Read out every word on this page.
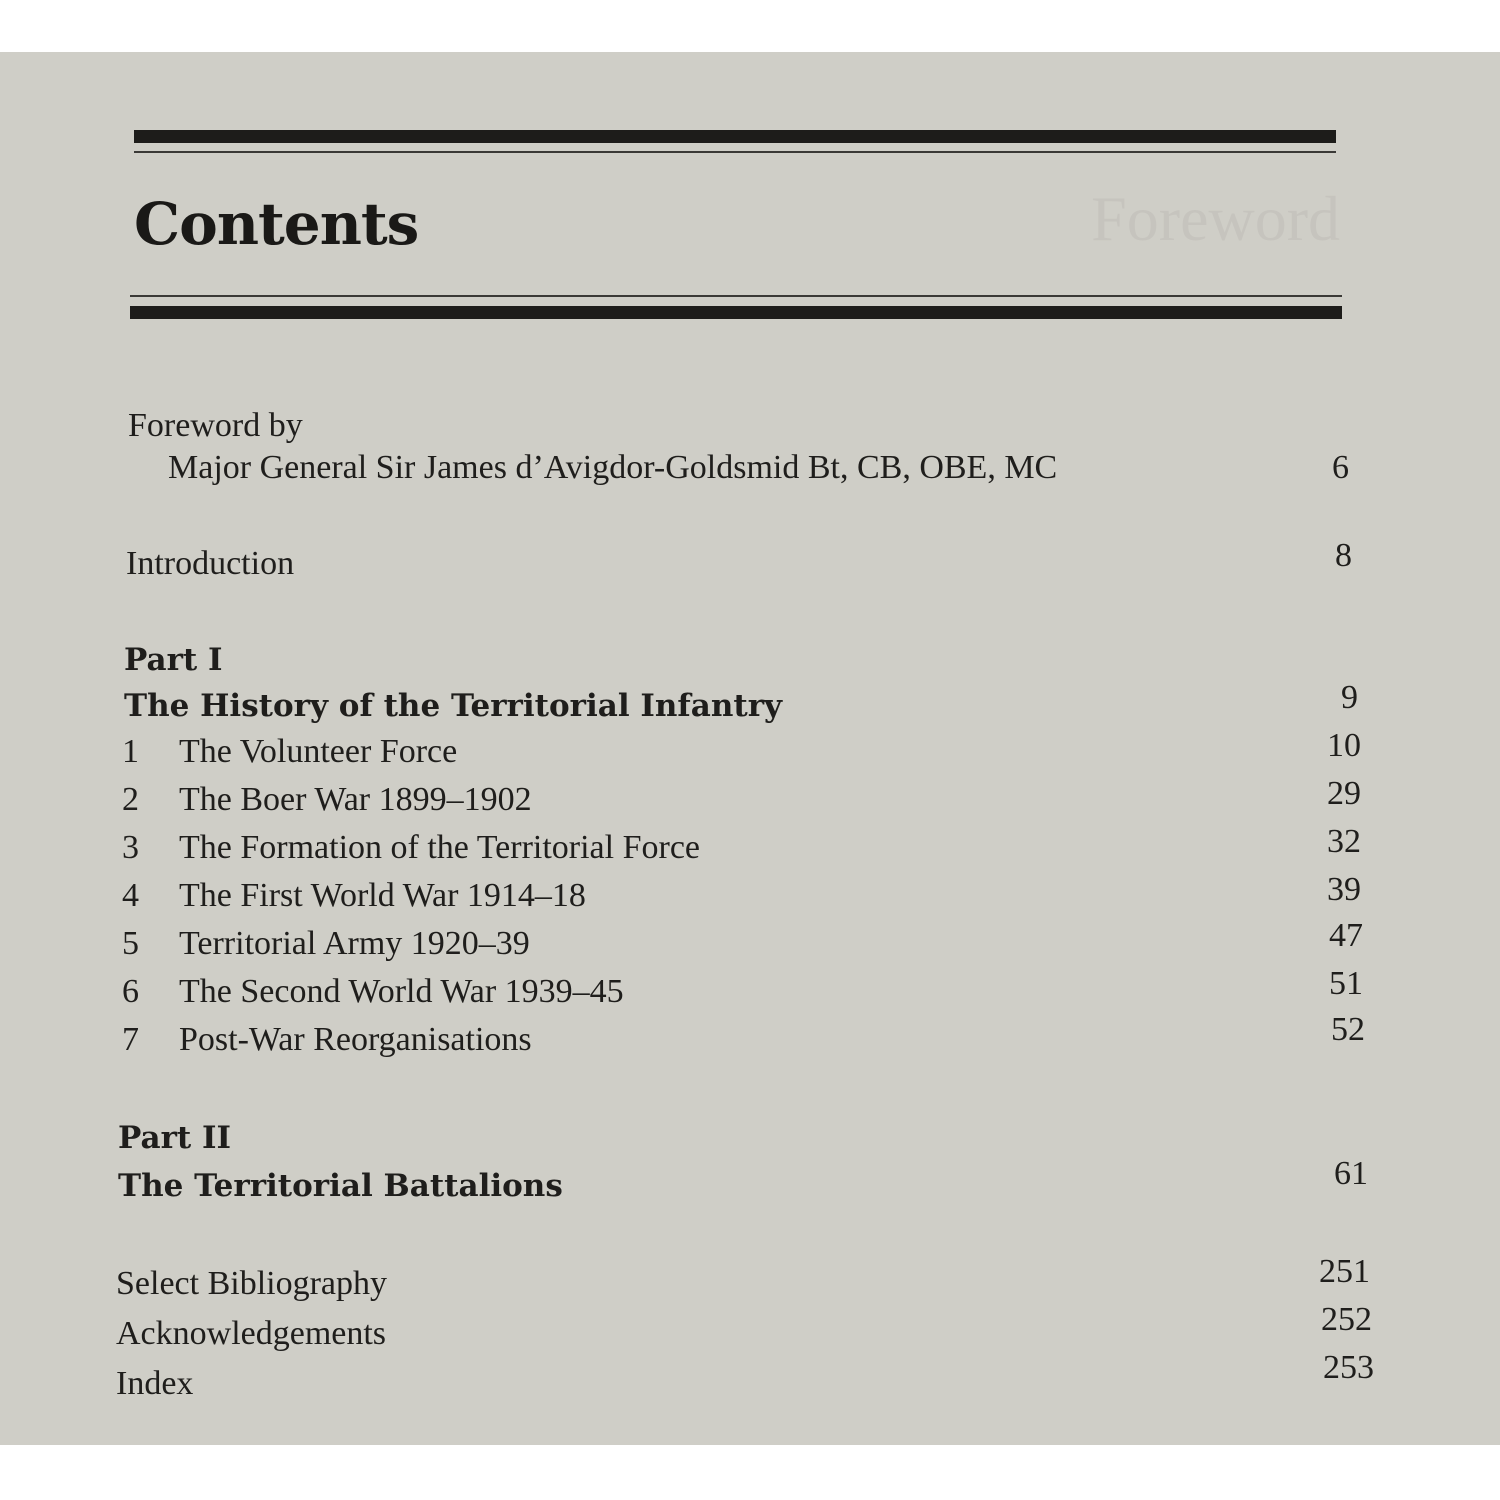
Foreword
Contents
Foreword by
Major General Sir James d’Avigdor-Goldsmid Bt, CB, OBE, MC	6
Introduction	8
Part I
The History of the Territorial Infantry	9
1 The Volunteer Force	10
2 The Boer War 1899–1902	29
3 The Formation of the Territorial Force	32
4 The First World War 1914–18	39
5 Territorial Army 1920–39	47
6 The Second World War 1939–45	51
7 Post-War Reorganisations	52
Part II
The Territorial Battalions	61
Select Bibliography	251
Acknowledgements	252
Index	253
